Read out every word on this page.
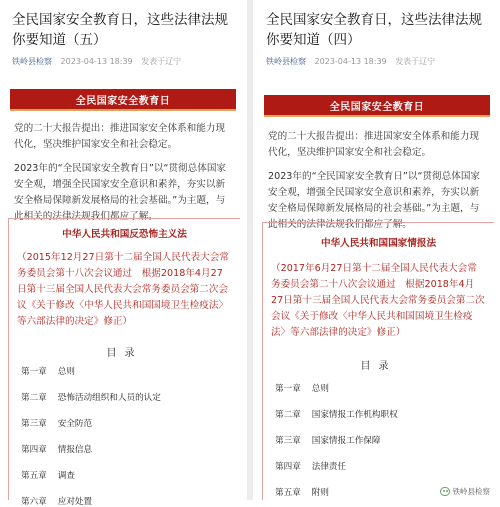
全民国家安全教育日，这些法律法规你要知道（五）
铁岭县检察 2023-04-13 18:39 发表于辽宁
全民国家安全教育日
党的二十大报告提出：推进国家安全体系和能力现代化，坚决维护国家安全和社会稳定。
2023年的“全民国家安全教育日”以“贯彻总体国家安全观，增强全民国家安全意识和素养，夯实以新安全格局保障新发展格局的社会基础。”为主题，与此相关的法律法规我们都应了解。
中华人民共和国反恐怖主义法
（2015年12月27日第十二届全国人民代表大会常务委员会第十八次会议通过　根据2018年4月27日第十三届全国人民代表大会常务委员会第二次会议《关于修改〈中华人民共和国国境卫生检疫法〉等六部法律的决定》修正）
目录
第一章 总则
第二章 恐怖活动组织和人员的认定
第三章 安全防范
第四章 情报信息
第五章 调查
第六章 应对处置
全民国家安全教育日，这些法律法规你要知道（四）
铁岭县检察 2023-04-13 18:39 发表于辽宁
全民国家安全教育日
党的二十大报告提出：推进国家安全体系和能力现代化，坚决维护国家安全和社会稳定。
2023年的“全民国家安全教育日”以“贯彻总体国家安全观，增强全民国家安全意识和素养，夯实以新安全格局保障新发展格局的社会基础。”为主题，与此相关的法律法规我们都应了解。
中华人民共和国国家情报法
（2017年6月27日第十二届全国人民代表大会常务委员会第二十八次会议通过　根据2018年4月27日第十三届全国人民代表大会常务委员会第二次会议《关于修改〈中华人民共和国国境卫生检疫法〉等六部法律的决定》修正）
目录
第一章 总则
第二章 国家情报工作机构职权
第三章 国家情报工作保障
第四章 法律责任
第五章 附则	铁岭县检察
